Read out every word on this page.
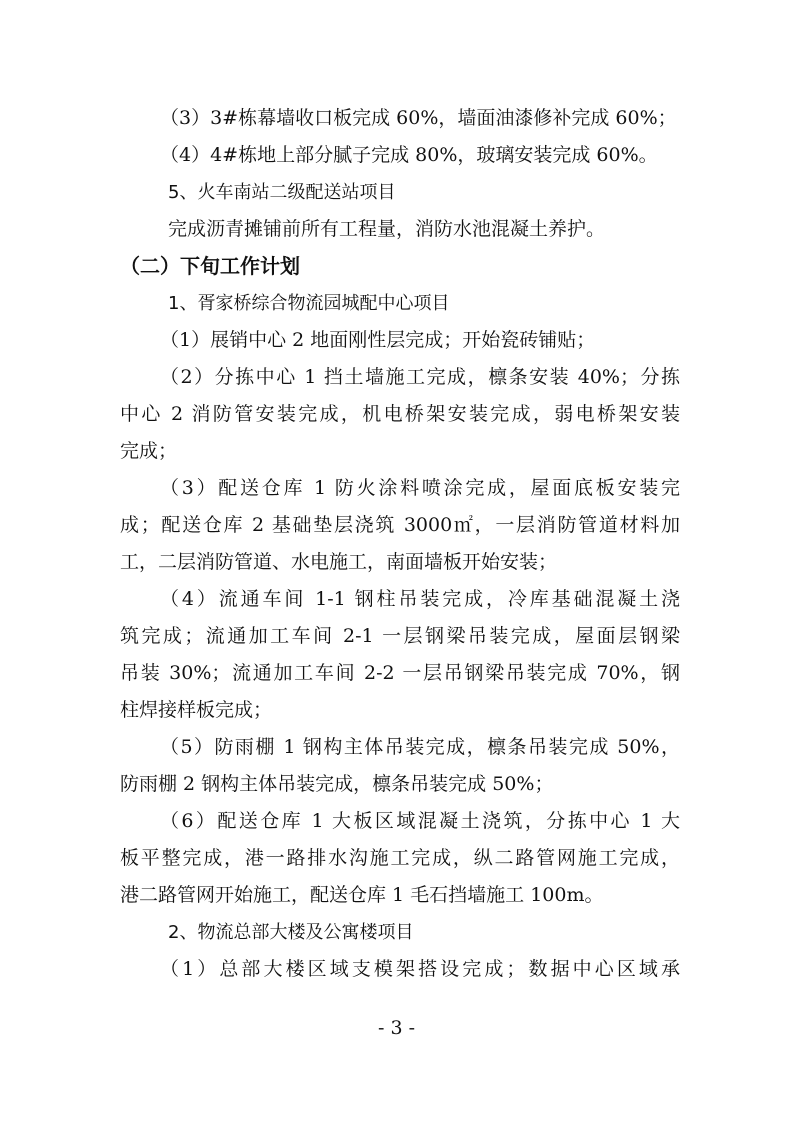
（3）3#栋幕墙收口板完成 60%，墙面油漆修补完成 60%；
（4）4#栋地上部分腻子完成 80%，玻璃安装完成 60%。
5、火车南站二级配送站项目
完成沥青摊铺前所有工程量，消防水池混凝土养护。
（二）下旬工作计划
1、胥家桥综合物流园城配中心项目
（1）展销中心 2 地面刚性层完成；开始瓷砖铺贴；
（2）分拣中心 1 挡土墙施工完成，檩条安装 40%；分拣
中心 2 消防管安装完成，机电桥架安装完成，弱电桥架安装
完成；
（3）配送仓库 1 防火涂料喷涂完成，屋面底板安装完
成；配送仓库 2 基础垫层浇筑 3000㎡，一层消防管道材料加
工，二层消防管道、水电施工，南面墙板开始安装；
（4）流通车间 1-1 钢柱吊装完成，冷库基础混凝土浇
筑完成；流通加工车间 2-1 一层钢梁吊装完成，屋面层钢梁
吊装 30%；流通加工车间 2-2 一层吊钢梁吊装完成 70%，钢
柱焊接样板完成；
（5）防雨棚 1 钢构主体吊装完成，檩条吊装完成 50%，
防雨棚 2 钢构主体吊装完成，檩条吊装完成 50%；
（6）配送仓库 1 大板区域混凝土浇筑，分拣中心 1 大
板平整完成，港一路排水沟施工完成，纵二路管网施工完成，
港二路管网开始施工，配送仓库 1 毛石挡墙施工 100m。
2、物流总部大楼及公寓楼项目
（1）总部大楼区域支模架搭设完成；数据中心区域承
- 3 -
